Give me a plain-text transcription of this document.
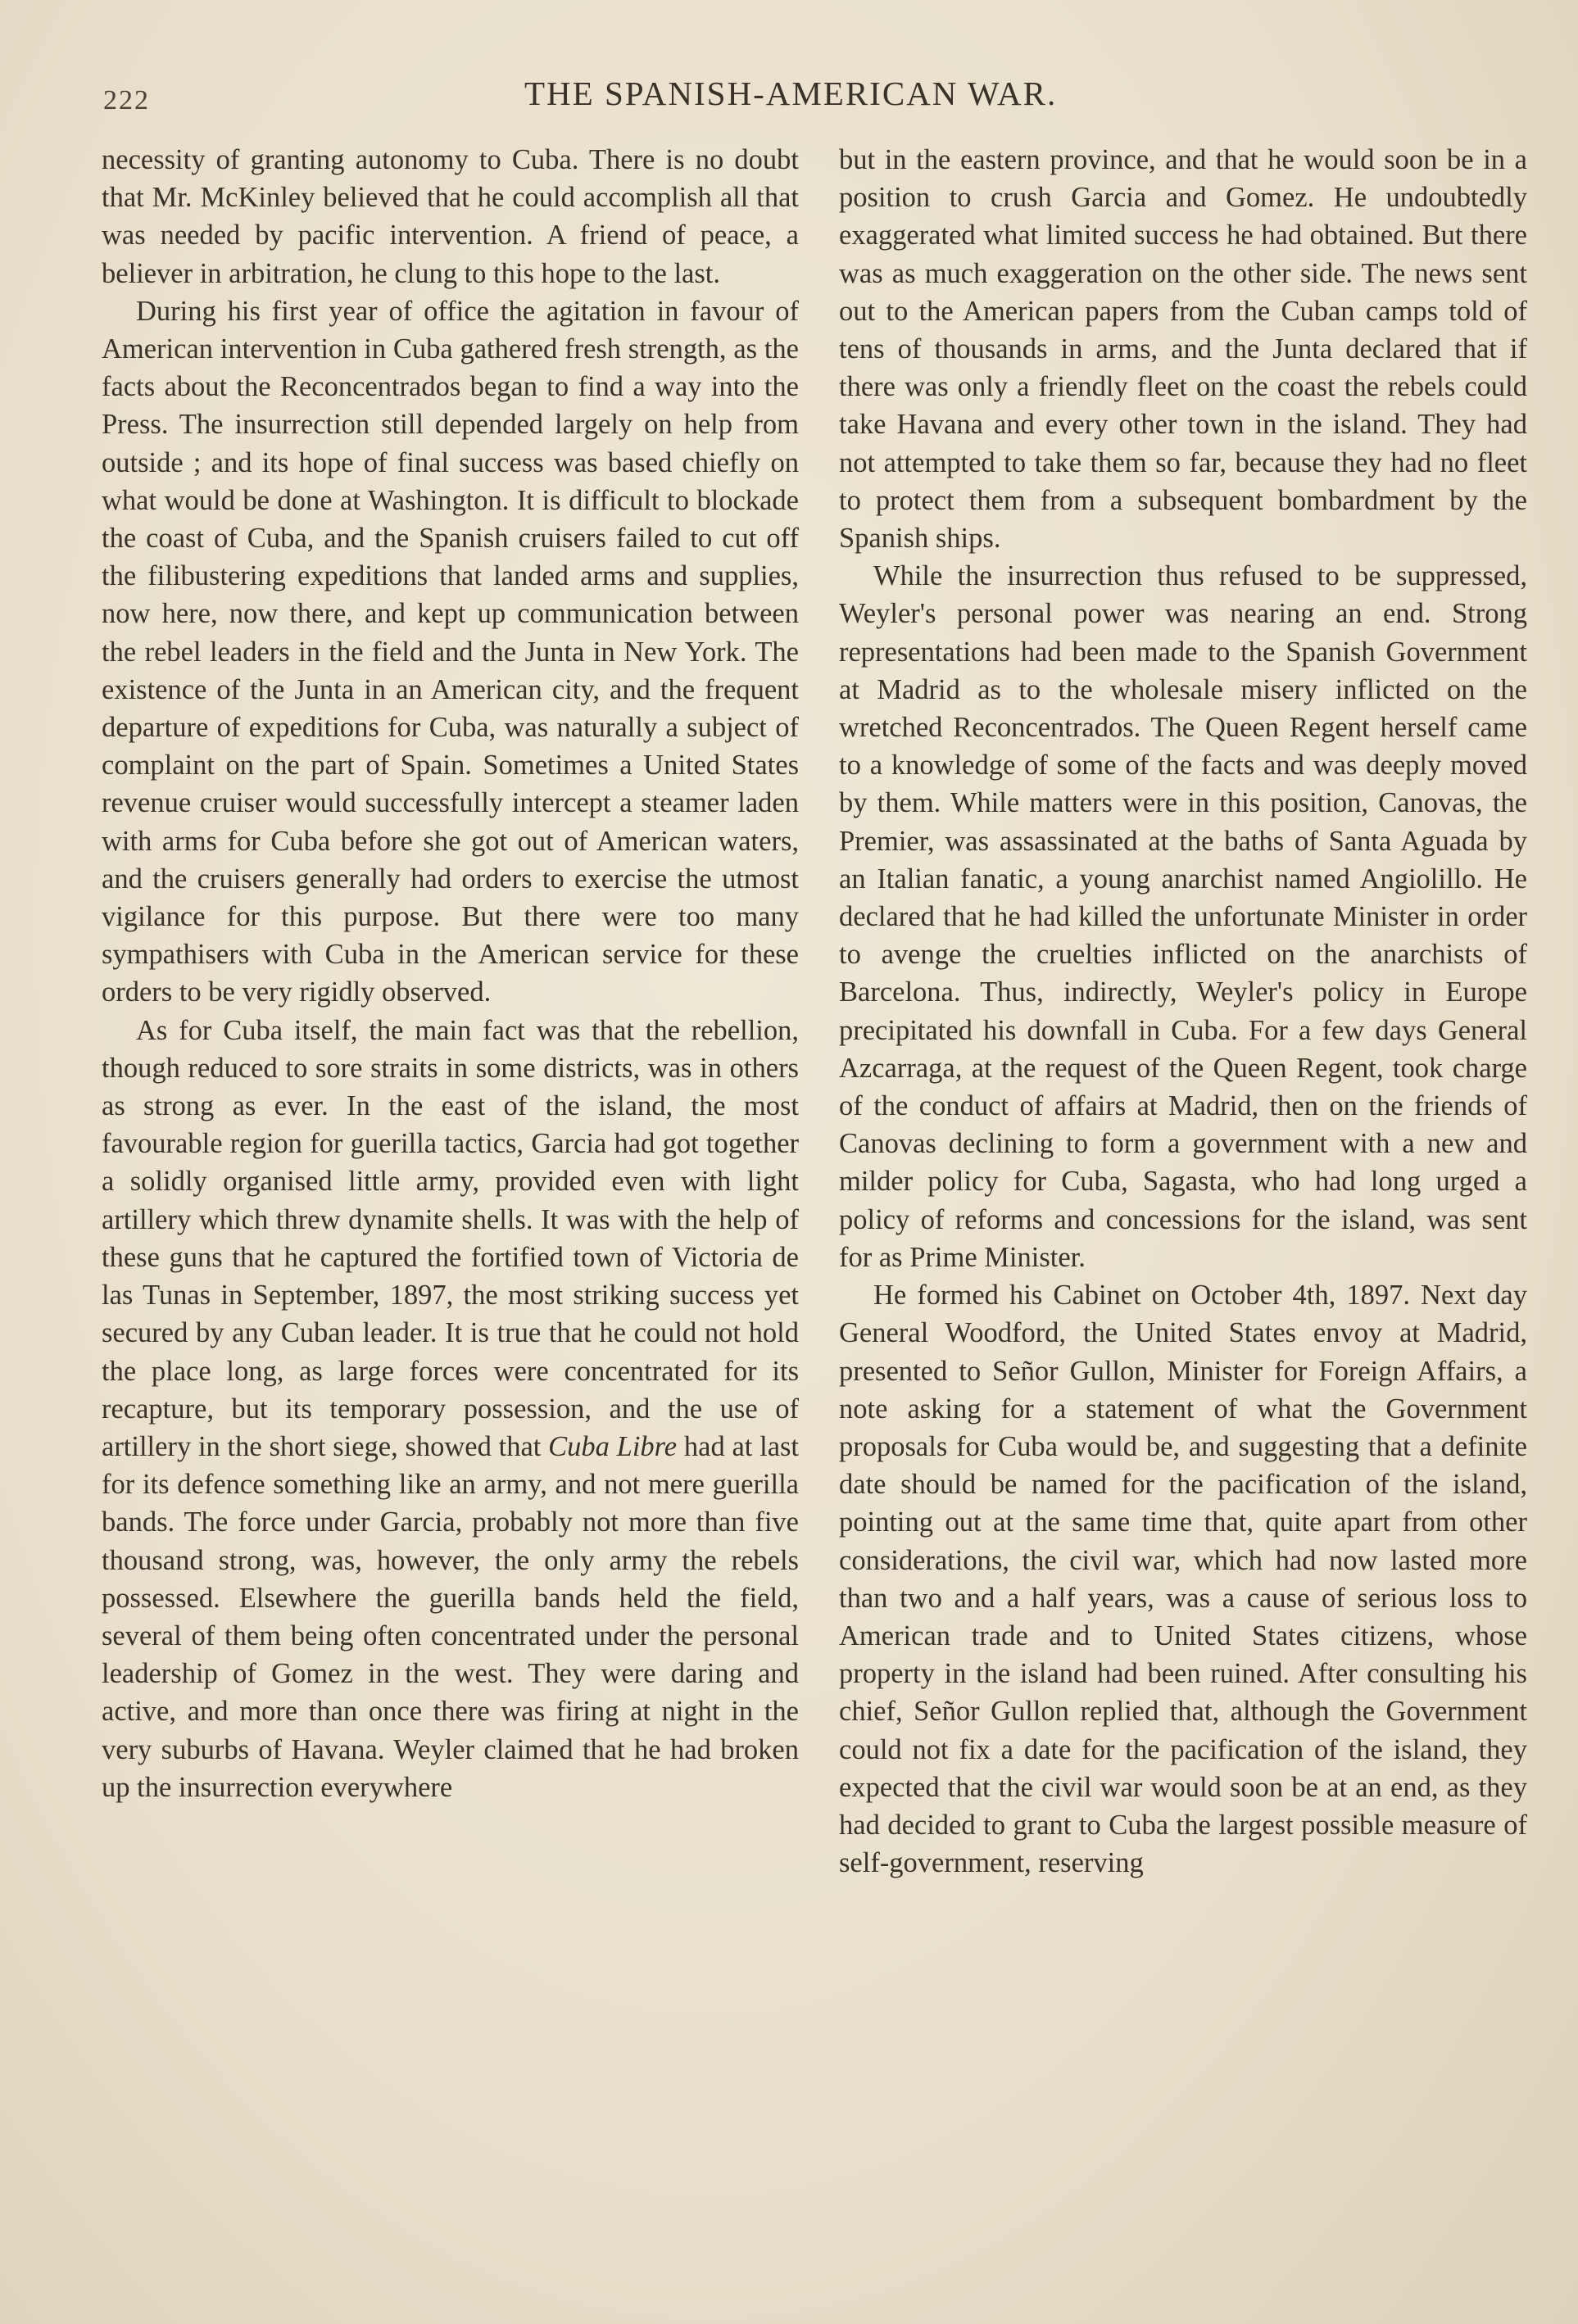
222	THE SPANISH-AMERICAN WAR.

necessity of granting autonomy to Cuba. There is no doubt that Mr. McKinley believed that he could accomplish all that was needed by pacific intervention. A friend of peace, a believer in arbitration, he clung to this hope to the last.

During his first year of office the agitation in favour of American intervention in Cuba gathered fresh strength, as the facts about the Reconcentrados began to find a way into the Press. The insurrection still depended largely on help from outside ; and its hope of final success was based chiefly on what would be done at Washington. It is difficult to blockade the coast of Cuba, and the Spanish cruisers failed to cut off the filibustering expeditions that landed arms and supplies, now here, now there, and kept up communication between the rebel leaders in the field and the Junta in New York. The existence of the Junta in an American city, and the frequent departure of expeditions for Cuba, was naturally a subject of complaint on the part of Spain. Sometimes a United States revenue cruiser would successfully intercept a steamer laden with arms for Cuba before she got out of American waters, and the cruisers generally had orders to exercise the utmost vigilance for this purpose. But there were too many sympathisers with Cuba in the American service for these orders to be very rigidly observed.

As for Cuba itself, the main fact was that the rebellion, though reduced to sore straits in some districts, was in others as strong as ever. In the east of the island, the most favourable region for guerilla tactics, Garcia had got together a solidly organised little army, provided even with light artillery which threw dynamite shells. It was with the help of these guns that he captured the fortified town of Victoria de las Tunas in September, 1897, the most striking success yet secured by any Cuban leader. It is true that he could not hold the place long, as large forces were concentrated for its recapture, but its temporary possession, and the use of artillery in the short siege, showed that Cuba Libre had at last for its defence something like an army, and not mere guerilla bands. The force under Garcia, probably not more than five thousand strong, was, however, the only army the rebels possessed. Elsewhere the guerilla bands held the field, several of them being often concentrated under the personal leadership of Gomez in the west. They were daring and active, and more than once there was firing at night in the very suburbs of Havana. Weyler claimed that he had broken up the insurrection everywhere

but in the eastern province, and that he would soon be in a position to crush Garcia and Gomez. He undoubtedly exaggerated what limited success he had obtained. But there was as much exaggeration on the other side. The news sent out to the American papers from the Cuban camps told of tens of thousands in arms, and the Junta declared that if there was only a friendly fleet on the coast the rebels could take Havana and every other town in the island. They had not attempted to take them so far, because they had no fleet to protect them from a subsequent bombardment by the Spanish ships.

While the insurrection thus refused to be suppressed, Weyler's personal power was nearing an end. Strong representations had been made to the Spanish Government at Madrid as to the wholesale misery inflicted on the wretched Reconcentrados. The Queen Regent herself came to a knowledge of some of the facts and was deeply moved by them. While matters were in this position, Canovas, the Premier, was assassinated at the baths of Santa Aguada by an Italian fanatic, a young anarchist named Angiolillo. He declared that he had killed the unfortunate Minister in order to avenge the cruelties inflicted on the anarchists of Barcelona. Thus, indirectly, Weyler's policy in Europe precipitated his downfall in Cuba. For a few days General Azcarraga, at the request of the Queen Regent, took charge of the conduct of affairs at Madrid, then on the friends of Canovas declining to form a government with a new and milder policy for Cuba, Sagasta, who had long urged a policy of reforms and concessions for the island, was sent for as Prime Minister.

He formed his Cabinet on October 4th, 1897. Next day General Woodford, the United States envoy at Madrid, presented to Señor Gullon, Minister for Foreign Affairs, a note asking for a statement of what the Government proposals for Cuba would be, and suggesting that a definite date should be named for the pacification of the island, pointing out at the same time that, quite apart from other considerations, the civil war, which had now lasted more than two and a half years, was a cause of serious loss to American trade and to United States citizens, whose property in the island had been ruined. After consulting his chief, Señor Gullon replied that, although the Government could not fix a date for the pacification of the island, they expected that the civil war would soon be at an end, as they had decided to grant to Cuba the largest possible measure of self-government, reserving
